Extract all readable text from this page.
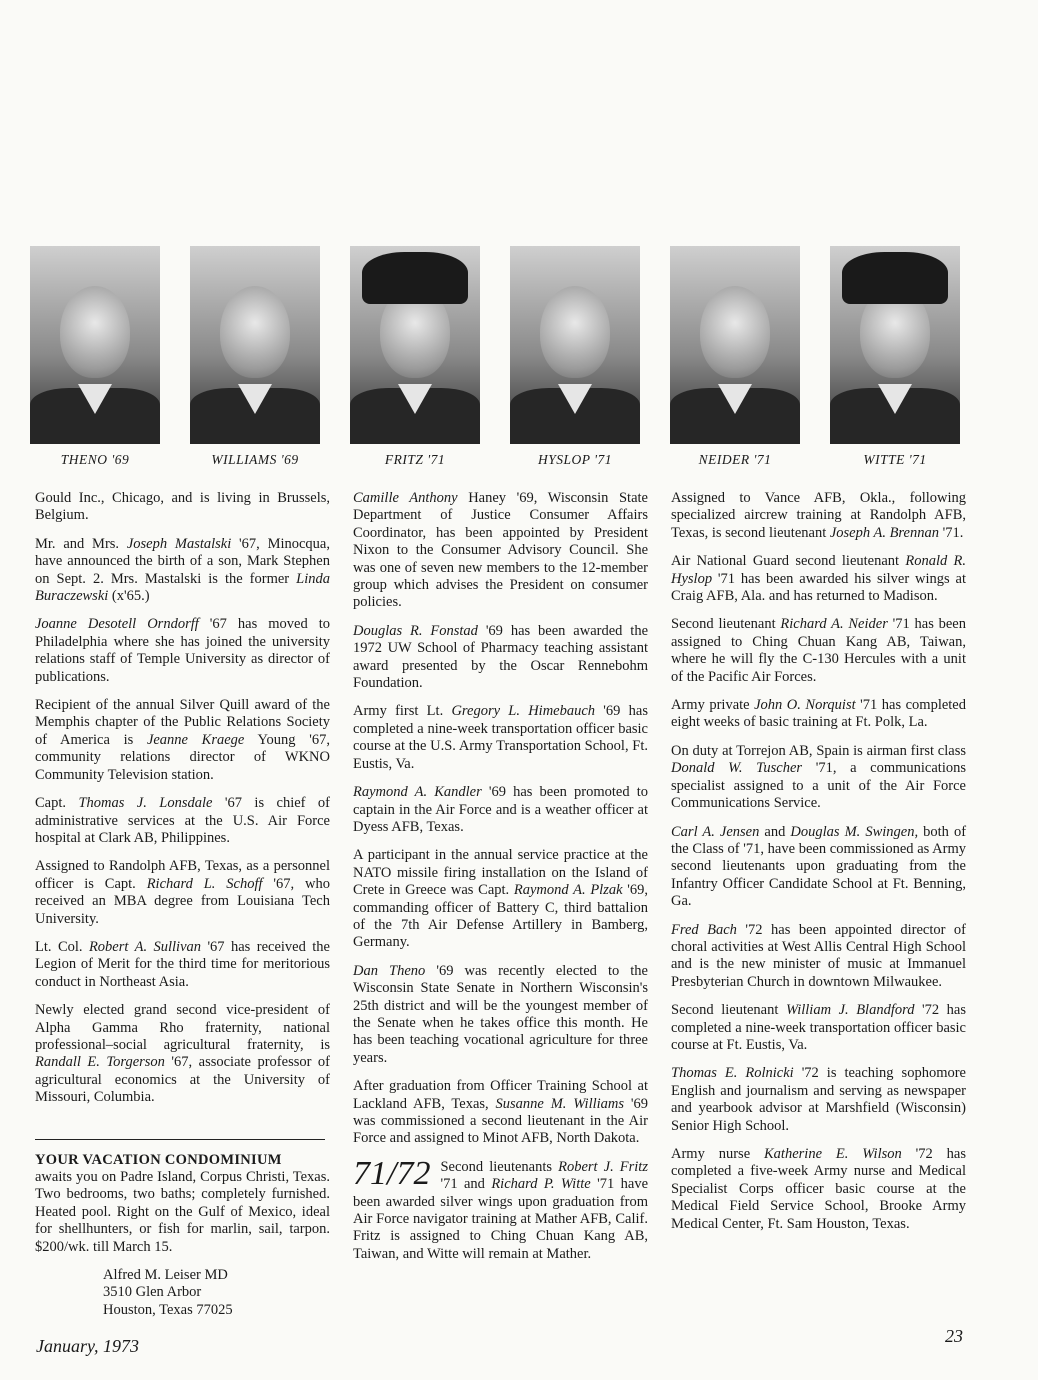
THENO '69	WILLIAMS '69	FRITZ '71	HYSLOP '71	NEIDER '71	WITTE '71

Gould Inc., Chicago, and is living in Brussels, Belgium.

Mr. and Mrs. Joseph Mastalski '67, Minocqua, have announced the birth of a son, Mark Stephen on Sept. 2. Mrs. Mastalski is the former Linda Buraczewski (x'65.)

Joanne Desotell Orndorff '67 has moved to Philadelphia where she has joined the university relations staff of Temple University as director of publications.

Recipient of the annual Silver Quill award of the Memphis chapter of the Public Relations Society of America is Jeanne Kraege Young '67, community relations director of WKNO Community Television station.

Capt. Thomas J. Lonsdale '67 is chief of administrative services at the U.S. Air Force hospital at Clark AB, Philippines.

Assigned to Randolph AFB, Texas, as a personnel officer is Capt. Richard L. Schoff '67, who received an MBA degree from Louisiana Tech University.

Lt. Col. Robert A. Sullivan '67 has received the Legion of Merit for the third time for meritorious conduct in Northeast Asia.

Newly elected grand second vice-president of Alpha Gamma Rho fraternity, national professional–social agricultural fraternity, is Randall E. Torgerson '67, associate professor of agricultural economics at the University of Missouri, Columbia.

YOUR VACATION CONDOMINIUM

awaits you on Padre Island, Corpus Christi, Texas. Two bedrooms, two baths; completely furnished. Heated pool. Right on the Gulf of Mexico, ideal for shellhunters, or fish for marlin, sail, tarpon. $200/wk. till March 15.

Alfred M. Leiser MD
3510 Glen Arbor
Houston, Texas 77025

Camille Anthony Haney '69, Wisconsin State Department of Justice Consumer Affairs Coordinator, has been appointed by President Nixon to the Consumer Advisory Council. She was one of seven new members to the 12-member group which advises the President on consumer policies.

Douglas R. Fonstad '69 has been awarded the 1972 UW School of Pharmacy teaching assistant award presented by the Oscar Rennebohm Foundation.

Army first Lt. Gregory L. Himebauch '69 has completed a nine-week transportation officer basic course at the U.S. Army Transportation School, Ft. Eustis, Va.

Raymond A. Kandler '69 has been promoted to captain in the Air Force and is a weather officer at Dyess AFB, Texas.

A participant in the annual service practice at the NATO missile firing installation on the Island of Crete in Greece was Capt. Raymond A. Plzak '69, commanding officer of Battery C, third battalion of the 7th Air Defense Artillery in Bamberg, Germany.

Dan Theno '69 was recently elected to the Wisconsin State Senate in Northern Wisconsin's 25th district and will be the youngest member of the Senate when he takes office this month. He has been teaching vocational agriculture for three years.

After graduation from Officer Training School at Lackland AFB, Texas, Susanne M. Williams '69 was commissioned a second lieutenant in the Air Force and assigned to Minot AFB, North Dakota.

71/72 Second lieutenants Robert J. Fritz '71 and Richard P. Witte '71 have been awarded silver wings upon graduation from Air Force navigator training at Mather AFB, Calif. Fritz is assigned to Ching Chuan Kang AB, Taiwan, and Witte will remain at Mather.

Assigned to Vance AFB, Okla., following specialized aircrew training at Randolph AFB, Texas, is second lieutenant Joseph A. Brennan '71.

Air National Guard second lieutenant Ronald R. Hyslop '71 has been awarded his silver wings at Craig AFB, Ala. and has returned to Madison.

Second lieutenant Richard A. Neider '71 has been assigned to Ching Chuan Kang AB, Taiwan, where he will fly the C-130 Hercules with a unit of the Pacific Air Forces.

Army private John O. Norquist '71 has completed eight weeks of basic training at Ft. Polk, La.

On duty at Torrejon AB, Spain is airman first class Donald W. Tuscher '71, a communications specialist assigned to a unit of the Air Force Communications Service.

Carl A. Jensen and Douglas M. Swingen, both of the Class of '71, have been commissioned as Army second lieutenants upon graduating from the Infantry Officer Candidate School at Ft. Benning, Ga.

Fred Bach '72 has been appointed director of choral activities at West Allis Central High School and is the new minister of music at Immanuel Presbyterian Church in downtown Milwaukee.

Second lieutenant William J. Blandford '72 has completed a nine-week transportation officer basic course at Ft. Eustis, Va.

Thomas E. Rolnicki '72 is teaching sophomore English and journalism and serving as newspaper and yearbook advisor at Marshfield (Wisconsin) Senior High School.

Army nurse Katherine E. Wilson '72 has completed a five-week Army nurse and Medical Specialist Corps officer basic course at the Medical Field Service School, Brooke Army Medical Center, Ft. Sam Houston, Texas.

January, 1973	23
